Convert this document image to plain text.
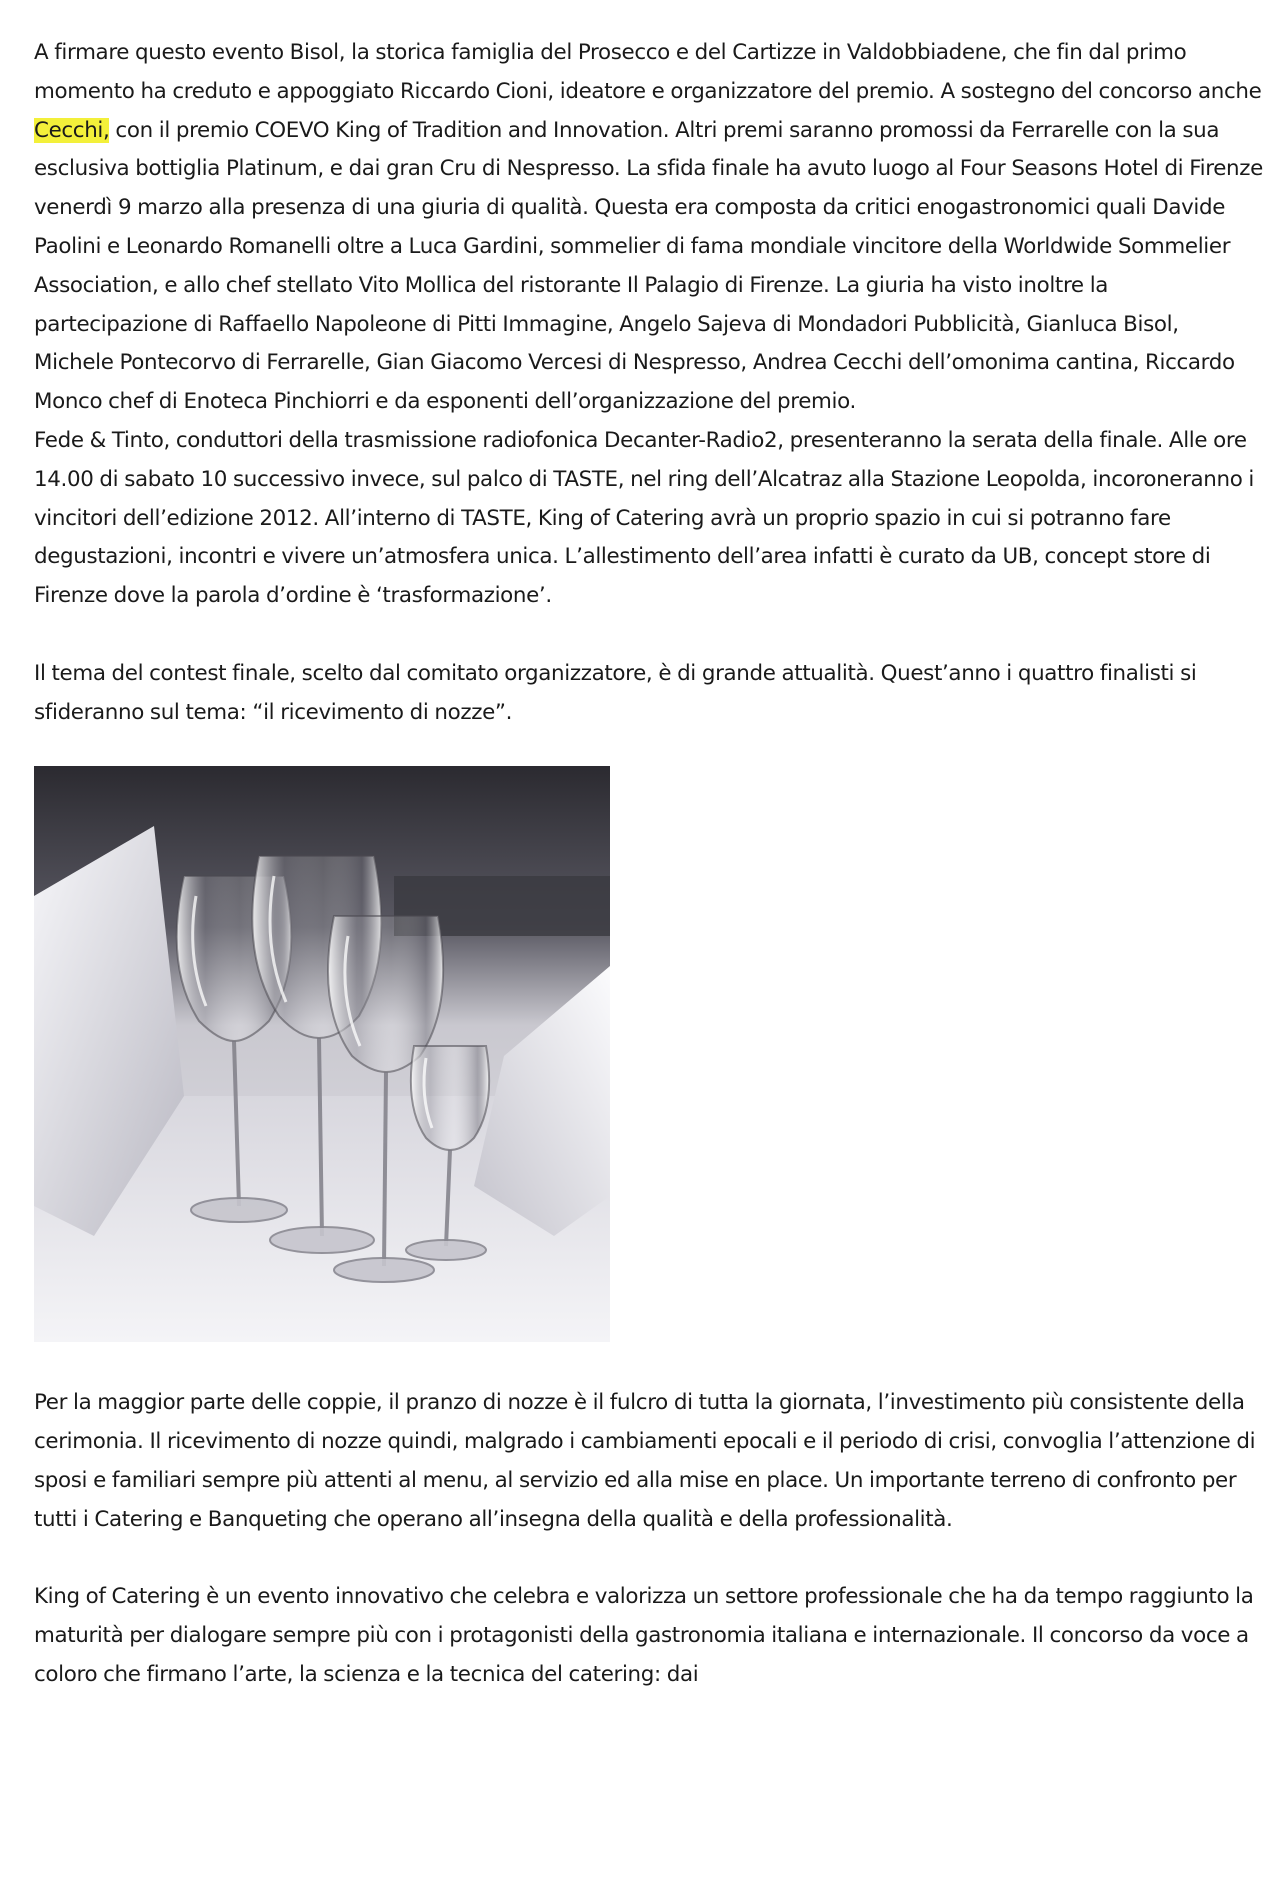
A firmare questo evento Bisol, la storica famiglia del Prosecco e del Cartizze in Valdobbiadene, che fin dal primo momento ha creduto e appoggiato Riccardo Cioni, ideatore e organizzatore del premio. A sostegno del concorso anche Cecchi, con il premio COEVO King of Tradition and Innovation. Altri premi saranno promossi da Ferrarelle con la sua esclusiva bottiglia Platinum, e dai gran Cru di Nespresso. La sfida finale ha avuto luogo al Four Seasons Hotel di Firenze venerdì 9 marzo alla presenza di una giuria di qualità. Questa era composta da critici enogastronomici quali Davide Paolini e Leonardo Romanelli oltre a Luca Gardini, sommelier di fama mondiale vincitore della Worldwide Sommelier Association, e allo chef stellato Vito Mollica del ristorante Il Palagio di Firenze. La giuria ha visto inoltre la partecipazione di Raffaello Napoleone di Pitti Immagine, Angelo Sajeva di Mondadori Pubblicità, Gianluca Bisol, Michele Pontecorvo di Ferrarelle, Gian Giacomo Vercesi di Nespresso, Andrea Cecchi dell’omonima cantina, Riccardo Monco chef di Enoteca Pinchiorri e da esponenti dell’organizzazione del premio.

Fede & Tinto, conduttori della trasmissione radiofonica Decanter-Radio2, presenteranno la serata della finale. Alle ore 14.00 di sabato 10 successivo invece, sul palco di TASTE, nel ring dell’Alcatraz alla Stazione Leopolda, incoroneranno i vincitori dell’edizione 2012. All’interno di TASTE, King of Catering avrà un proprio spazio in cui si potranno fare degustazioni, incontri e vivere un’atmosfera unica. L’allestimento dell’area infatti è curato da UB, concept store di Firenze dove la parola d’ordine è ‘trasformazione’.

Il tema del contest finale, scelto dal comitato organizzatore, è di grande attualità. Quest’anno i quattro finalisti si sfideranno sul tema: “il ricevimento di nozze”.

Per la maggior parte delle coppie, il pranzo di nozze è il fulcro di tutta la giornata, l’investimento più consistente della cerimonia. Il ricevimento di nozze quindi, malgrado i cambiamenti epocali e il periodo di crisi, convoglia l’attenzione di sposi e familiari sempre più attenti al menu, al servizio ed alla mise en place. Un importante terreno di confronto per tutti i Catering e Banqueting che operano all’insegna della qualità e della professionalità.

King of Catering è un evento innovativo che celebra e valorizza un settore professionale che ha da tempo raggiunto la maturità per dialogare sempre più con i protagonisti della gastronomia italiana e internazionale. Il concorso da voce a coloro che firmano l’arte, la scienza e la tecnica del catering: dai
